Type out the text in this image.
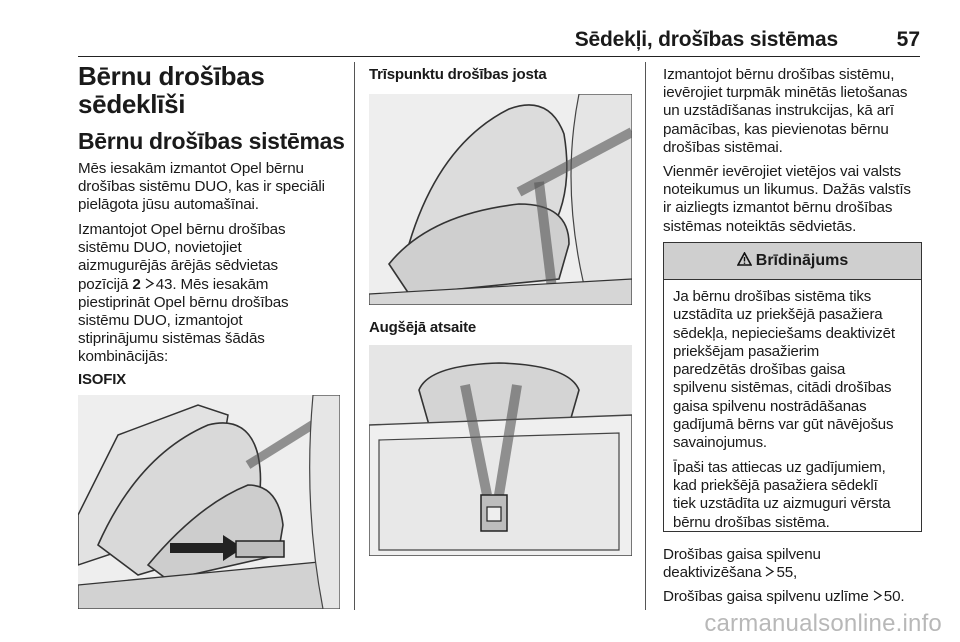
Sēdekļi, drošības sistēmas	57
Bērnu drošības
sēdeklīši
Bērnu drošības sistēmas
Mēs iesakām izmantot Opel bērnu
drošības sistēmu DUO, kas ir speciāli
pielāgota jūsu automašīnai.
Izmantojot Opel bērnu drošības
sistēmu DUO, novietojiet
aizmugurējās ārējās sēdvietas
pozīcijā 2 43. Mēs iesakām
piestiprināt Opel bērnu drošības
sistēmu DUO, izmantojot
stiprinājumu sistēmas šādās
kombinācijās:
ISOFIX
Trīspunktu drošības josta
Augšējā atsaite
Izmantojot bērnu drošības sistēmu,
ievērojiet turpmāk minētās lietošanas
un uzstādīšanas instrukcijas, kā arī
pamācības, kas pievienotas bērnu
drošības sistēmai.
Vienmēr ievērojiet vietējos vai valsts
noteikumus un likumus. Dažās valstīs
ir aizliegts izmantot bērnu drošības
sistēmas noteiktās sēdvietās.
Brīdinājums
Ja bērnu drošības sistēma tiks
uzstādīta uz priekšējā pasažiera
sēdekļa, nepieciešams deaktivizēt
priekšējam pasažierim
paredzētās drošības gaisa
spilvenu sistēmas, citādi drošības
gaisa spilvenu nostrādāšanas
gadījumā bērns var gūt nāvējošus
savainojumus.
Īpaši tas attiecas uz gadījumiem,
kad priekšējā pasažiera sēdeklī
tiek uzstādīta uz aizmuguri vērsta
bērnu drošības sistēma.
Drošības gaisa spilvenu
deaktivizēšana 55,
Drošības gaisa spilvenu uzlīme 50.
carmanualsonline.info
